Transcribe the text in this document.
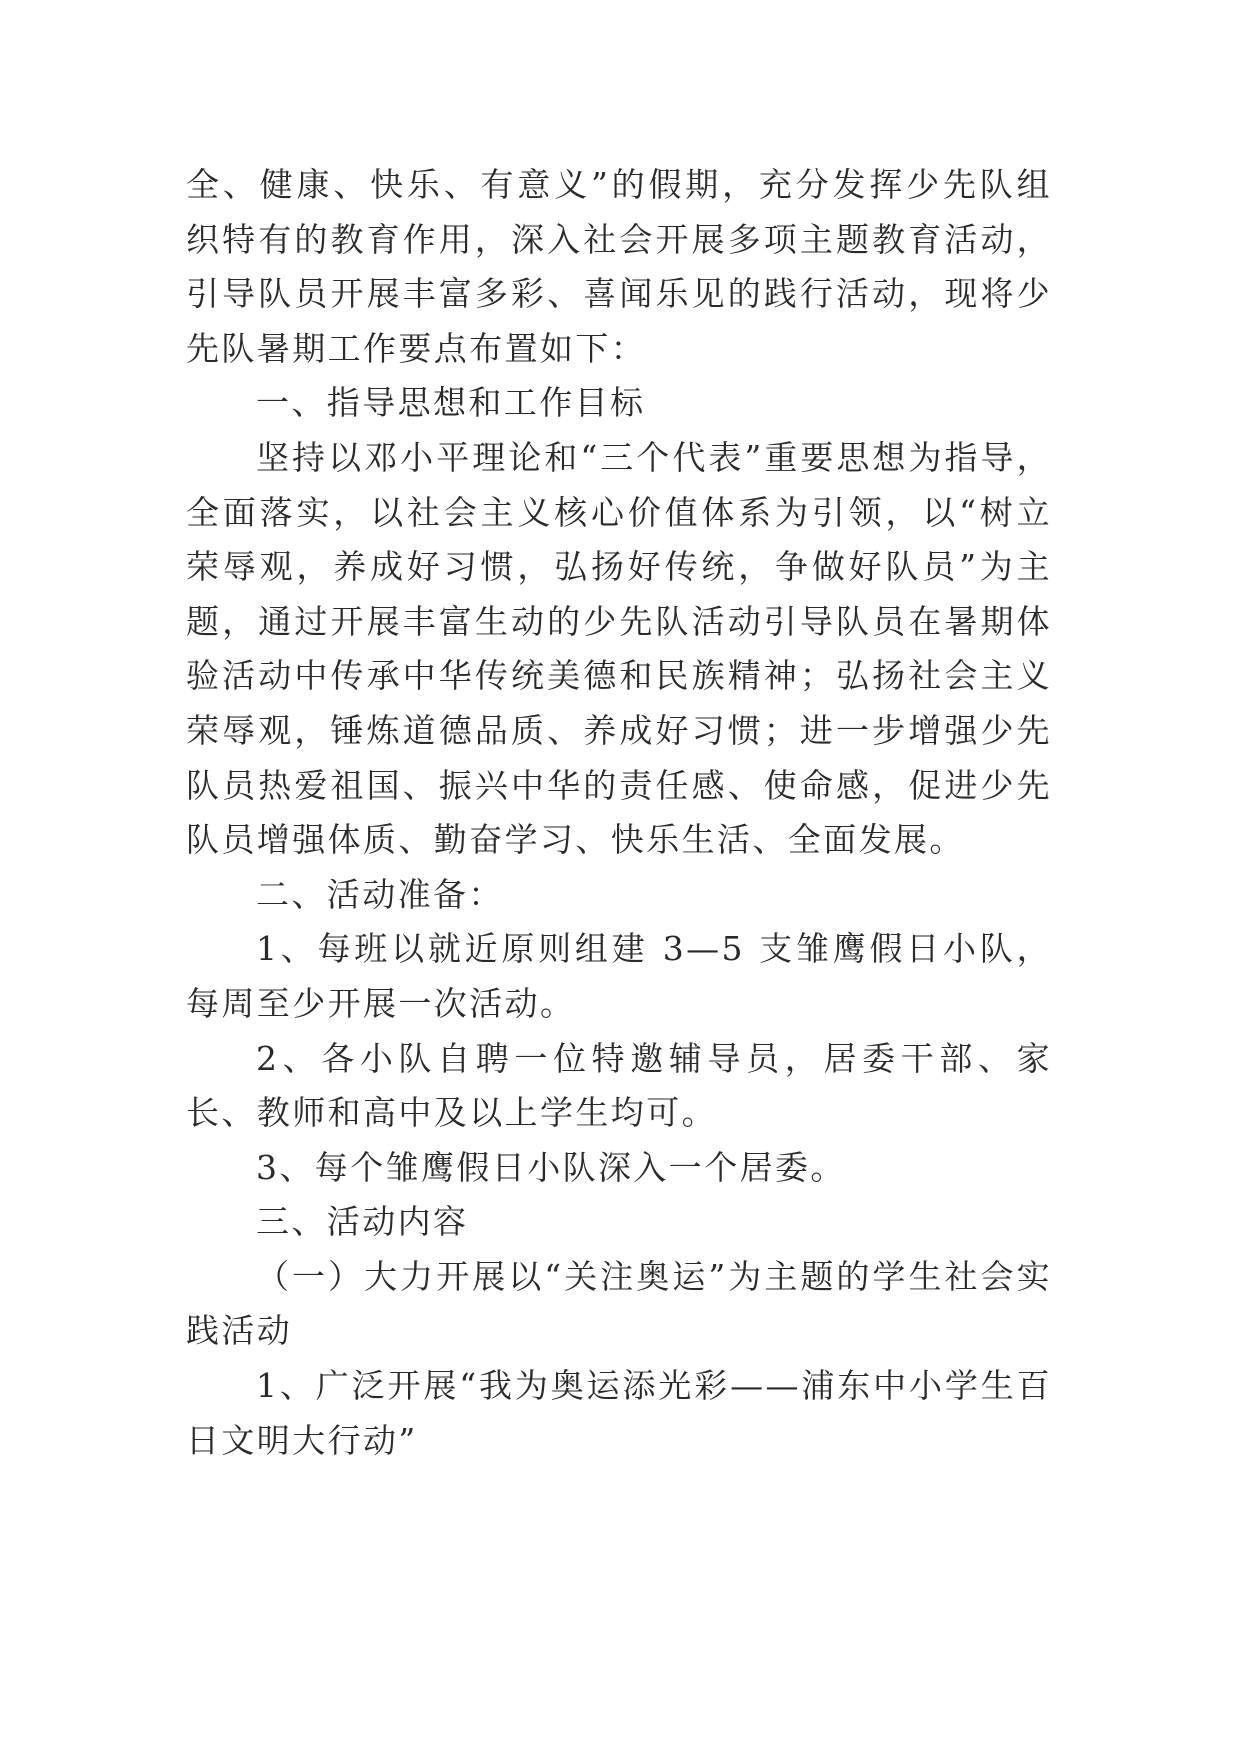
全、健康、快乐、有意义”的假期，充分发挥少先队组织特有的教育作用，深入社会开展多项主题教育活动，引导队员开展丰富多彩、喜闻乐见的践行活动，现将少先队暑期工作要点布置如下：

一、指导思想和工作目标

坚持以邓小平理论和“三个代表”重要思想为指导，全面落实，以社会主义核心价值体系为引领，以“树立荣辱观，养成好习惯，弘扬好传统，争做好队员”为主题，通过开展丰富生动的少先队活动引导队员在暑期体验活动中传承中华传统美德和民族精神；弘扬社会主义荣辱观，锤炼道德品质、养成好习惯；进一步增强少先队员热爱祖国、振兴中华的责任感、使命感，促进少先队员增强体质、勤奋学习、快乐生活、全面发展。

二、活动准备：

1、每班以就近原则组建 3—5 支雏鹰假日小队，每周至少开展一次活动。

2、各小队自聘一位特邀辅导员，居委干部、家长、教师和高中及以上学生均可。

3、每个雏鹰假日小队深入一个居委。

三、活动内容

（一）大力开展以“关注奥运”为主题的学生社会实践活动

1、广泛开展“我为奥运添光彩——浦东中小学生百日文明大行动”
